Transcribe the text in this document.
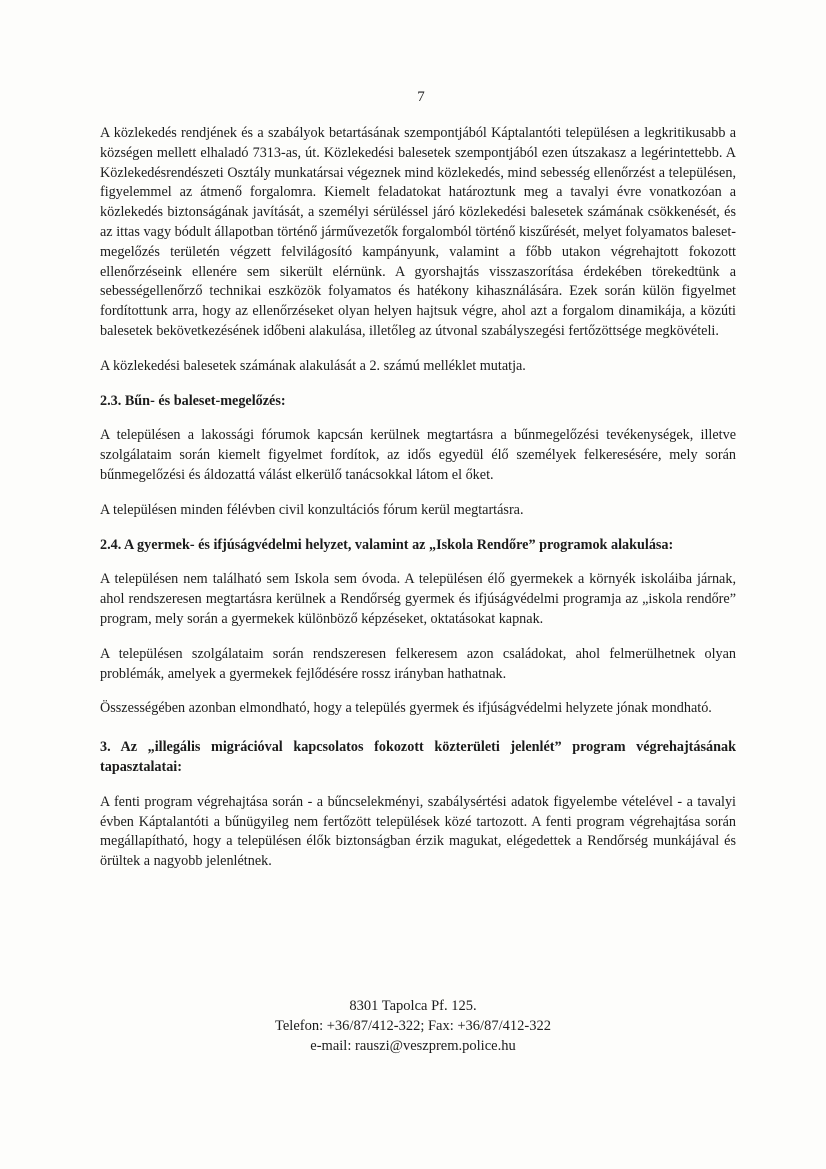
7

A közlekedés rendjének és a szabályok betartásának szempontjából Káptalantóti településen a legkritikusabb a községen mellett elhaladó 7313-as, út. Közlekedési balesetek szempontjából ezen útszakasz a legérintettebb. A Közlekedésrendészeti Osztály munkatársai végeznek mind közlekedés, mind sebesség ellenőrzést a településen, figyelemmel az átmenő forgalomra. Kiemelt feladatokat határoztunk meg a tavalyi évre vonatkozóan a közlekedés biztonságának javítását, a személyi sérüléssel járó közlekedési balesetek számának csökkenését, és az ittas vagy bódult állapotban történő járművezetők forgalomból történő kiszűrését, melyet folyamatos baleset-megelőzés területén végzett felvilágosító kampányunk, valamint a főbb utakon végrehajtott fokozott ellenőrzéseink ellenére sem sikerült elérnünk. A gyorshajtás visszaszorítása érdekében törekedtünk a sebességellenőrző technikai eszközök folyamatos és hatékony kihasználására. Ezek során külön figyelmet fordítottunk arra, hogy az ellenőrzéseket olyan helyen hajtsuk végre, ahol azt a forgalom dinamikája, a közúti balesetek bekövetkezésének időbeni alakulása, illetőleg az útvonal szabályszegési fertőzöttsége megkövételi.

A közlekedési balesetek számának alakulását a 2. számú melléklet mutatja.

2.3. Bűn- és baleset-megelőzés:

A településen a lakossági fórumok kapcsán kerülnek megtartásra a bűnmegelőzési tevékenységek, illetve szolgálataim során kiemelt figyelmet fordítok, az idős egyedül élő személyek felkeresésére, mely során bűnmegelőzési és áldozattá válást elkerülő tanácsokkal látom el őket.

A településen minden félévben civil konzultációs fórum kerül megtartásra.

2.4. A gyermek- és ifjúságvédelmi helyzet, valamint az „Iskola Rendőre” programok alakulása:

A településen nem található sem Iskola sem óvoda. A településen élő gyermekek a környék iskoláiba járnak, ahol rendszeresen megtartásra kerülnek a Rendőrség gyermek és ifjúságvédelmi programja az „iskola rendőre” program, mely során a gyermekek különböző képzéseket, oktatásokat kapnak.

A településen szolgálataim során rendszeresen felkeresem azon családokat, ahol felmerülhetnek olyan problémák, amelyek a gyermekek fejlődésére rossz irányban hathatnak.

Összességében azonban elmondható, hogy a település gyermek és ifjúságvédelmi helyzete jónak mondható.

3. Az „illegális migrációval kapcsolatos fokozott közterületi jelenlét” program végrehajtásának tapasztalatai:

A fenti program végrehajtása során - a bűncselekményi, szabálysértési adatok figyelembe vételével - a tavalyi évben Káptalantóti a bűnügyileg nem fertőzött települések közé tartozott. A fenti program végrehajtása során megállapítható, hogy a településen élők biztonságban érzik magukat, elégedettek a Rendőrség munkájával és örültek a nagyobb jelenlétnek.

8301 Tapolca Pf. 125.
Telefon: +36/87/412-322; Fax: +36/87/412-322
e-mail: rauszi@veszprem.police.hu
